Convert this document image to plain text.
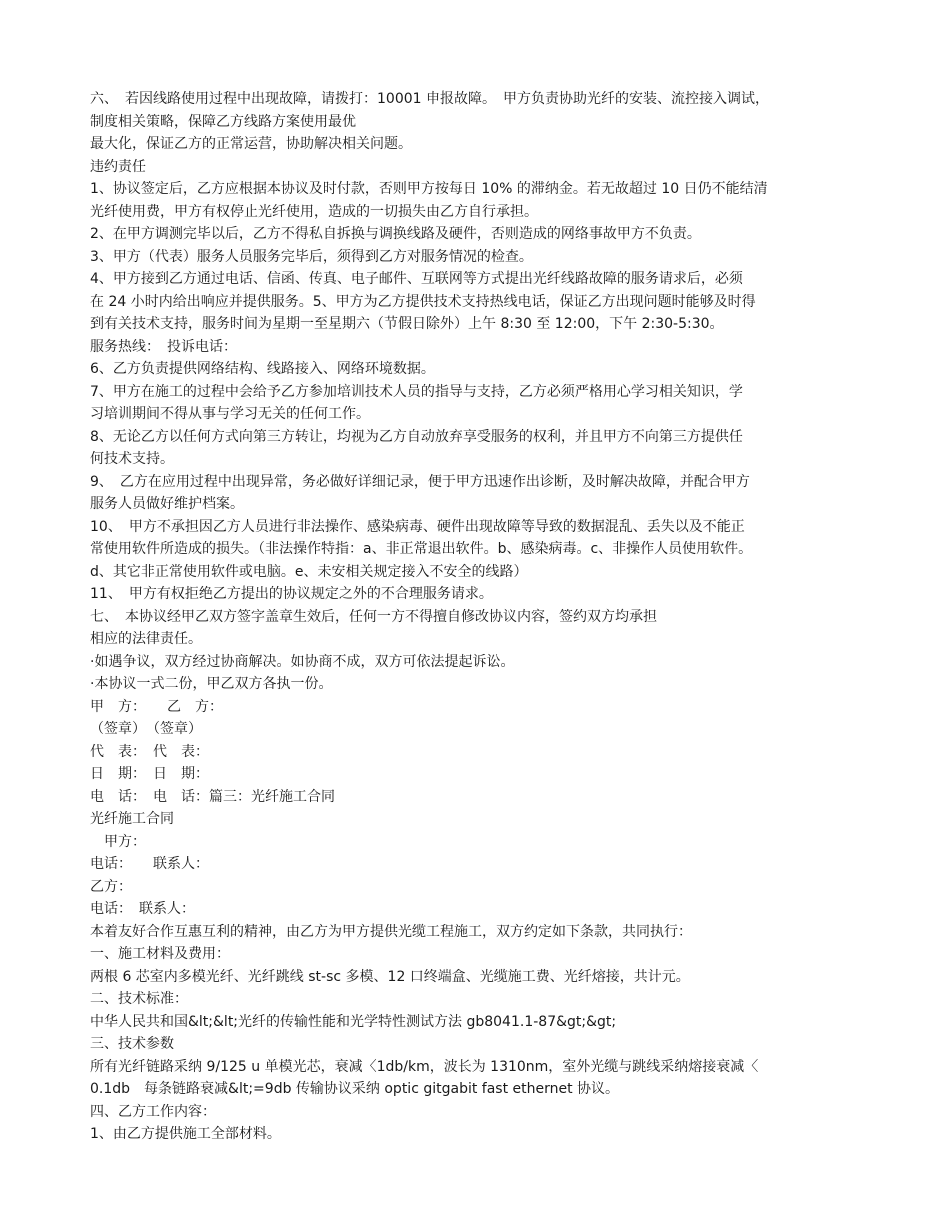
六、　若因线路使用过程中出现故障，请拨打：10001 申报故障。　甲方负责协助光纤的安装、流控接入调试，
制度相关策略，保障乙方线路方案使用最优
最大化，保证乙方的正常运营，协助解决相关问题。
违约责任
1、协议签定后，乙方应根据本协议及时付款，否则甲方按每日 10% 的滞纳金。若无故超过 10 日仍不能结清
光纤使用费，甲方有权停止光纤使用，造成的一切损失由乙方自行承担。
2、在甲方调测完毕以后，乙方不得私自拆换与调换线路及硬件，否则造成的网络事故甲方不负责。
3、甲方（代表）服务人员服务完毕后，须得到乙方对服务情况的检查。
4、甲方接到乙方通过电话、信函、传真、电子邮件、互联网等方式提出光纤线路故障的服务请求后，必须
在 24 小时内给出响应并提供服务。5、甲方为乙方提供技术支持热线电话，保证乙方出现问题时能够及时得
到有关技术支持，服务时间为星期一至星期六（节假日除外）上午 8:30 至 12:00，下午 2:30-5:30。
服务热线：　投诉电话：
6、乙方负责提供网络结构、线路接入、网络环境数据。
7、甲方在施工的过程中会给予乙方参加培训技术人员的指导与支持，乙方必须严格用心学习相关知识，学
习培训期间不得从事与学习无关的任何工作。
8、无论乙方以任何方式向第三方转让，均视为乙方自动放弃享受服务的权利，并且甲方不向第三方提供任
何技术支持。
9、　乙方在应用过程中出现异常，务必做好详细记录，便于甲方迅速作出诊断，及时解决故障，并配合甲方
服务人员做好维护档案。
10、　甲方不承担因乙方人员进行非法操作、感染病毒、硬件出现故障等导致的数据混乱、丢失以及不能正
常使用软件所造成的损失。（非法操作特指：a、非正常退出软件。b、感染病毒。c、非操作人员使用软件。
d、其它非正常使用软件或电脑。e、未安相关规定接入不安全的线路）
11、　甲方有权拒绝乙方提出的协议规定之外的不合理服务请求。
七、　本协议经甲乙双方签字盖章生效后，任何一方不得擅自修改协议内容，签约双方均承担
相应的法律责任。
·如遇争议，双方经过协商解决。如协商不成，双方可依法提起诉讼。
·本协议一式二份，甲乙双方各执一份。
甲　方：　　乙　方：
（签章）　（签章）
代　表：　代　表：
日　期：　日　期：
电　话：　电　话：篇三：光纤施工合同
光纤施工合同
　甲方：
电话：　　联系人：
乙方：
电话：　联系人：
本着友好合作互惠互利的精神，由乙方为甲方提供光缆工程施工，双方约定如下条款，共同执行：
一、施工材料及费用：
两根 6 芯室内多模光纤、光纤跳线 st-sc 多模、12 口终端盒、光缆施工费、光纤熔接，共计元。
二、技术标准：
中华人民共和国&lt;&lt;光纤的传输性能和光学特性测试方法 gb8041.1-87&gt;&gt;
三、技术参数
所有光纤链路采纳 9/125 u 单模光芯，衰减〈1db/km，波长为 1310nm，室外光缆与跳线采纳熔接衰减〈
0.1db　每条链路衰减&lt;=9db 传输协议采纳 optic gitgabit fast ethernet 协议。
四、乙方工作内容：
1、由乙方提供施工全部材料。
